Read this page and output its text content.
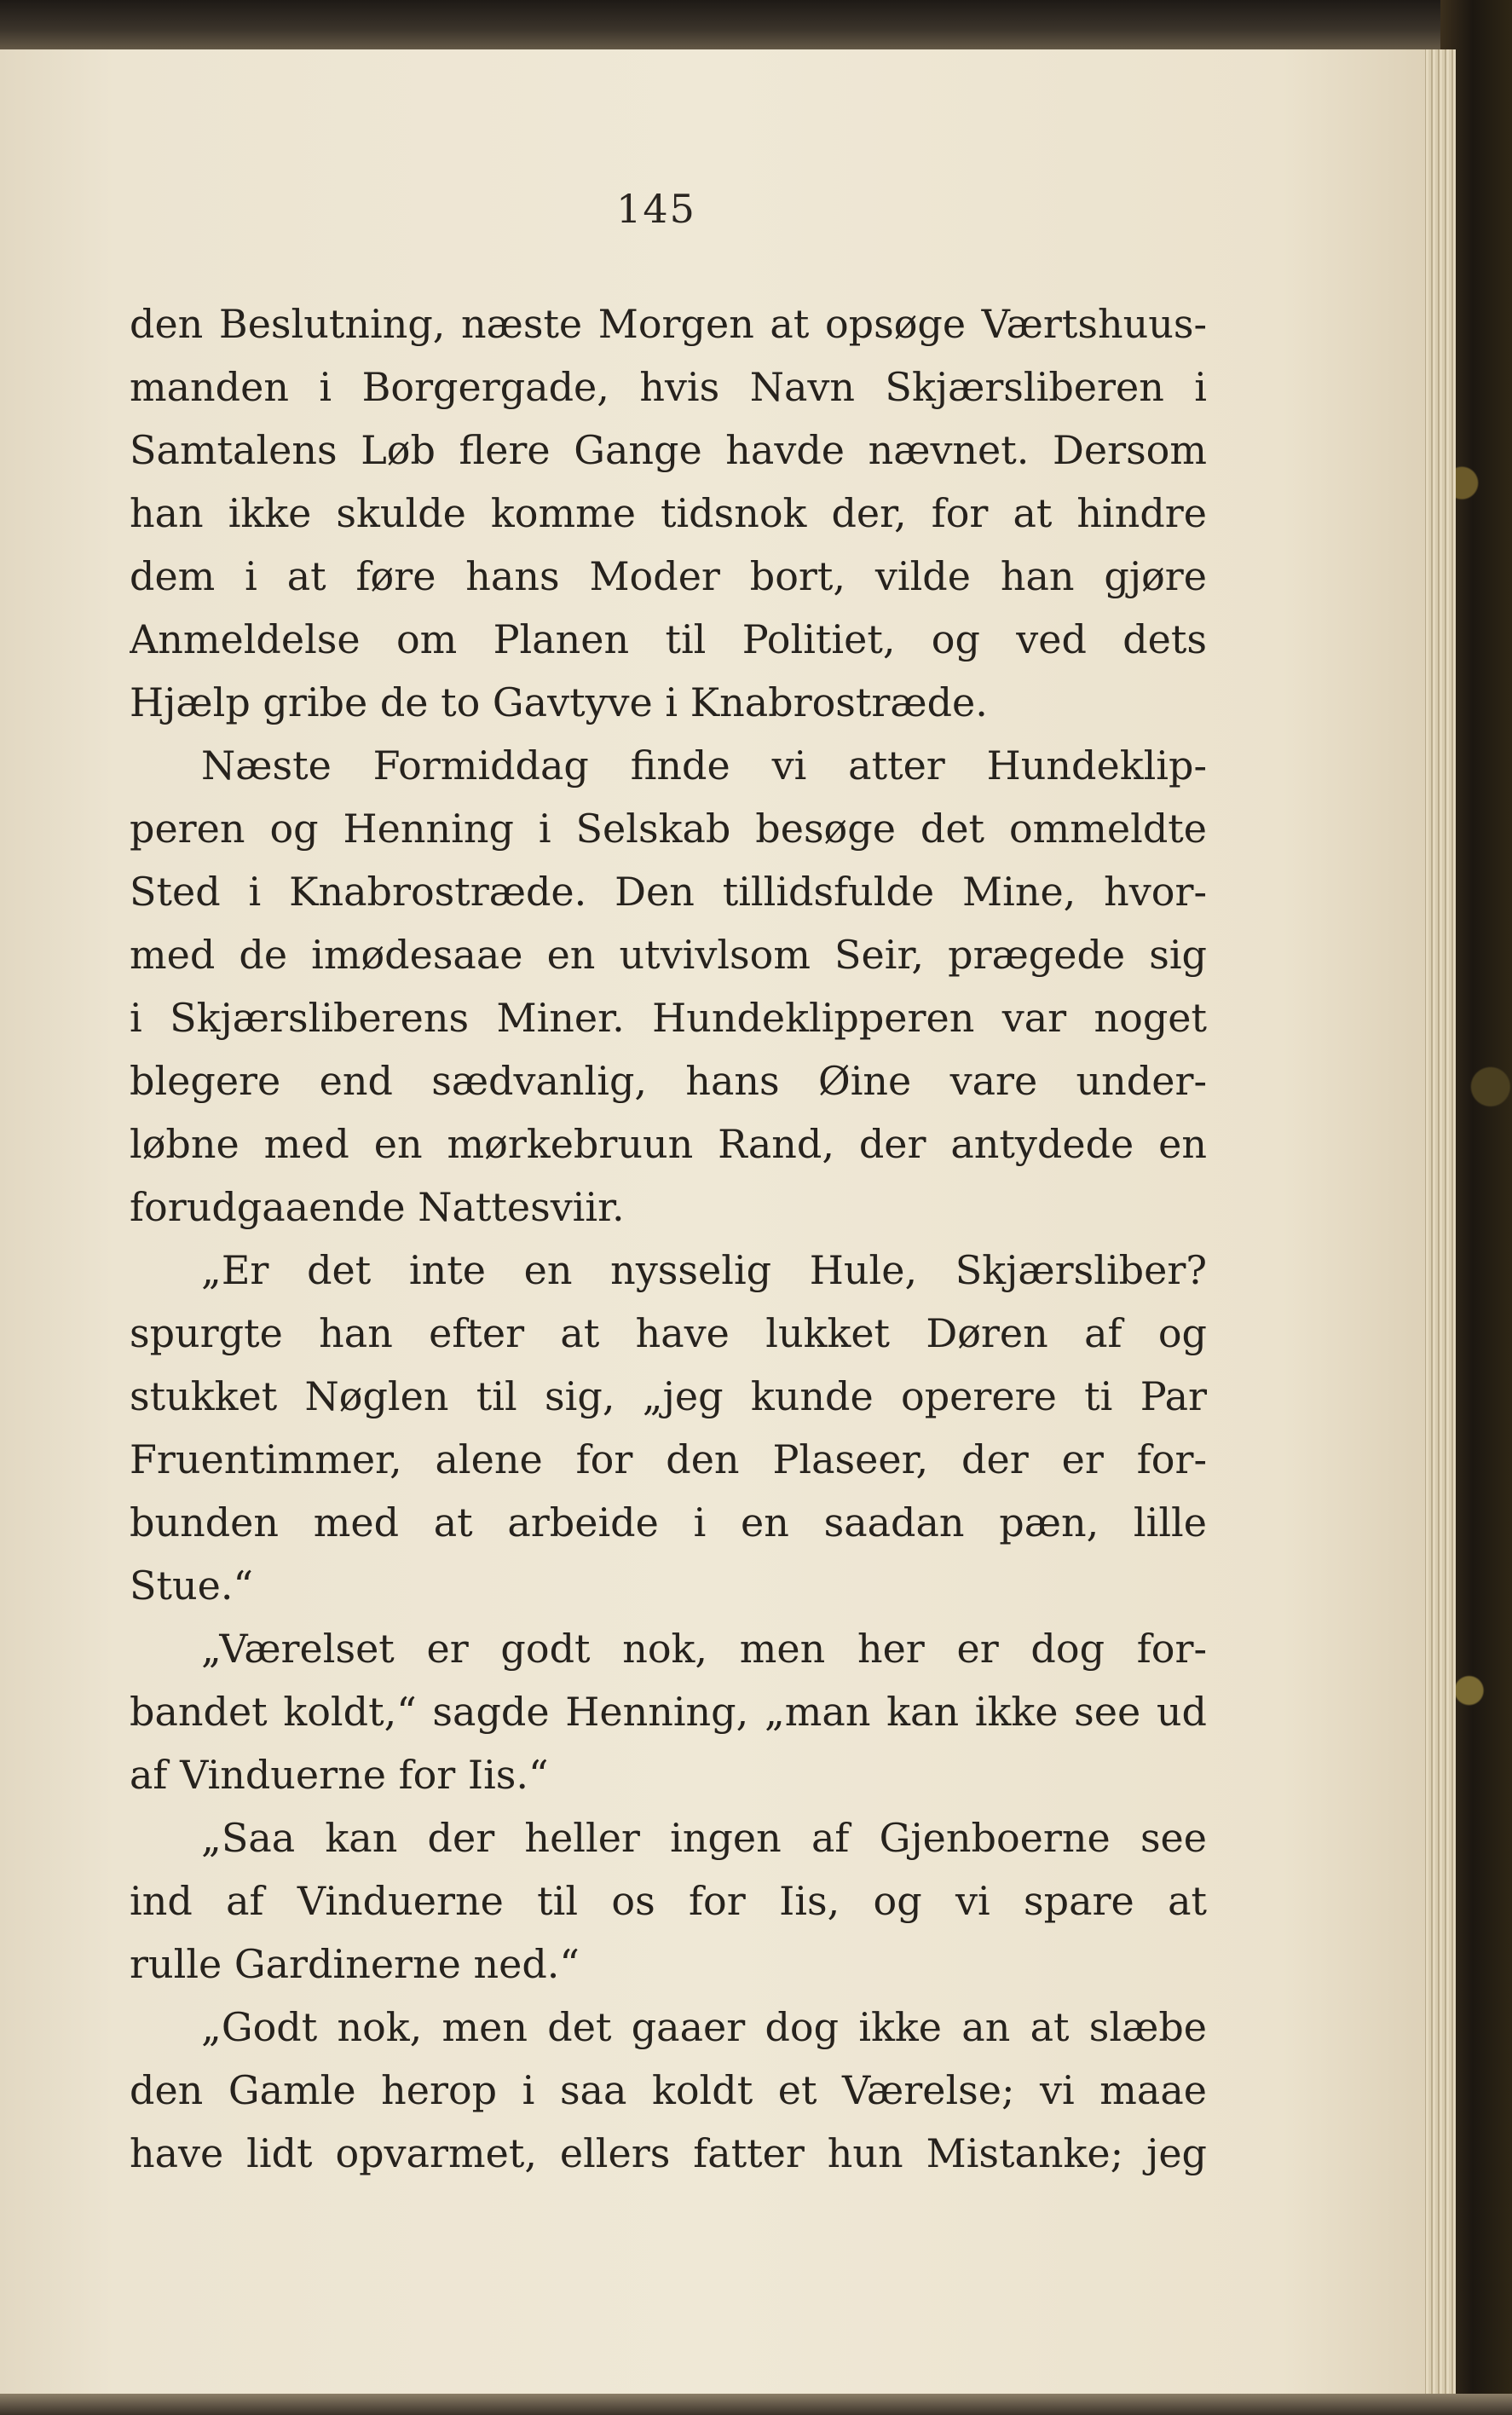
145
den Beslutning, næste Morgen at opsøge Værtshuus-
manden i Borgergade, hvis Navn Skjærsliberen i
Samtalens Løb flere Gange havde nævnet. Dersom
han ikke skulde komme tidsnok der, for at hindre
dem i at føre hans Moder bort, vilde han gjøre
Anmeldelse om Planen til Politiet, og ved dets
Hjælp gribe de to Gavtyve i Knabrostræde.
Næste Formiddag finde vi atter Hundeklip-
peren og Henning i Selskab besøge det ommeldte
Sted i Knabrostræde. Den tillidsfulde Mine, hvor-
med de imødesaae en utvivlsom Seir, prægede sig
i Skjærsliberens Miner. Hundeklipperen var noget
blegere end sædvanlig, hans Øine vare under-
løbne med en mørkebruun Rand, der antydede en
forudgaaende Nattesviir.
„Er det inte en nysselig Hule, Skjærsliber?
spurgte han efter at have lukket Døren af og
stukket Nøglen til sig, „jeg kunde operere ti Par
Fruentimmer, alene for den Plaseer, der er for-
bunden med at arbeide i en saadan pæn, lille
Stue.“
„Værelset er godt nok, men her er dog for-
bandet koldt,“ sagde Henning, „man kan ikke see ud
af Vinduerne for Iis.“
„Saa kan der heller ingen af Gjenboerne see
ind af Vinduerne til os for Iis, og vi spare at
rulle Gardinerne ned.“
„Godt nok, men det gaaer dog ikke an at slæbe
den Gamle herop i saa koldt et Værelse; vi maae
have lidt opvarmet, ellers fatter hun Mistanke; jeg
